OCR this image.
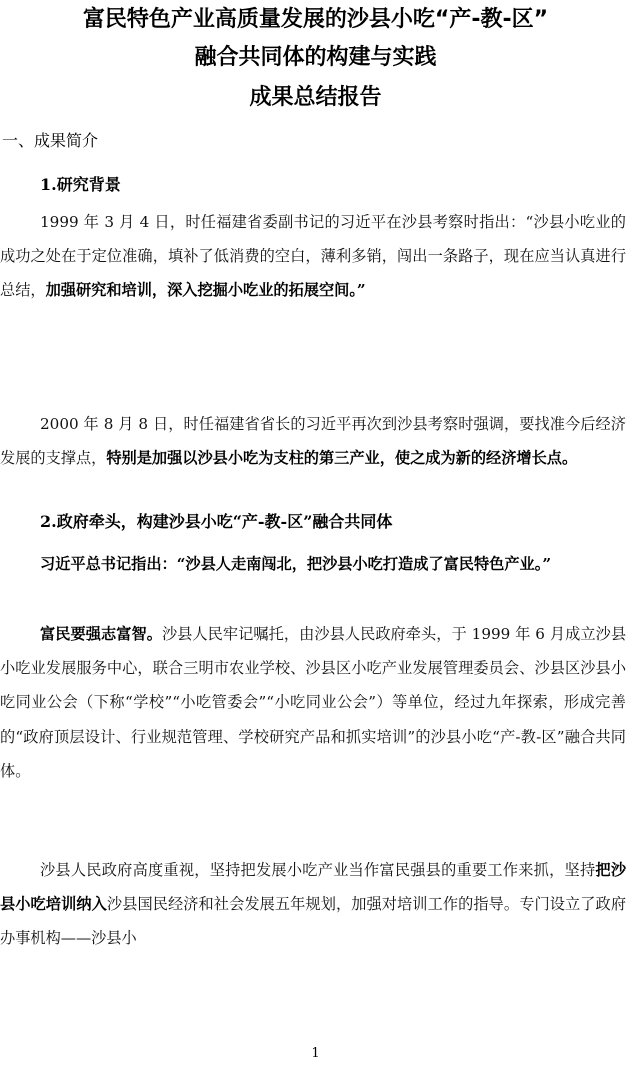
富民特色产业高质量发展的沙县小吃“产-教-区”
融合共同体的构建与实践
成果总结报告
一、成果简介
1.研究背景

1999 年 3 月 4 日，时任福建省委副书记的习近平在沙县考察时指出：“沙县小吃业的成功之处在于定位准确，填补了低消费的空白，薄利多销，闯出一条路子，现在应当认真进行总结，加强研究和培训，深入挖掘小吃业的拓展空间。”

2000 年 8 月 8 日，时任福建省省长的习近平再次到沙县考察时强调，要找准今后经济发展的支撑点，特别是加强以沙县小吃为支柱的第三产业，使之成为新的经济增长点。

2.政府牵头，构建沙县小吃“产-教-区”融合共同体

习近平总书记指出：“沙县人走南闯北，把沙县小吃打造成了富民特色产业。”

富民要强志富智。沙县人民牢记嘱托，由沙县人民政府牵头，于 1999 年 6 月成立沙县小吃业发展服务中心，联合三明市农业学校、沙县区小吃产业发展管理委员会、沙县区沙县小吃同业公会（下称“学校”“小吃管委会”“小吃同业公会”）等单位，经过九年探索，形成完善的“政府顶层设计、行业规范管理、学校研究产品和抓实培训”的沙县小吃“产-教-区”融合共同体。

沙县人民政府高度重视，坚持把发展小吃产业当作富民强县的重要工作来抓，坚持把沙县小吃培训纳入沙县国民经济和社会发展五年规划，加强对培训工作的指导。专门设立了政府办事机构——沙县小

1
